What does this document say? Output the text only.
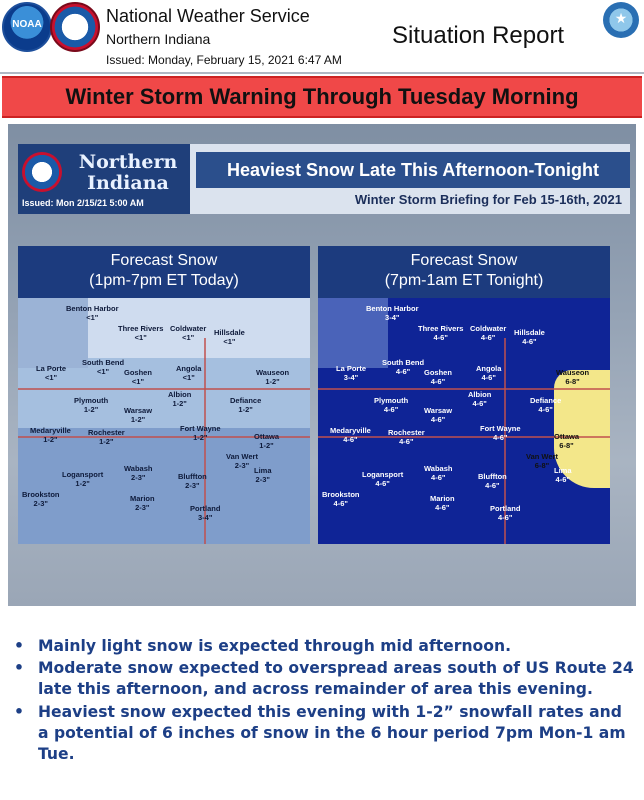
NOAA	National Weather Service
Northern Indiana
Issued: Monday, February 15, 2021 6:47 AM
Situation Report
★
Winter Storm Warning Through Tuesday Morning
Northern Indiana
Issued: Mon 2/15/21 5:00 AM
Heaviest Snow Late This Afternoon-Tonight
Winter Storm Briefing for Feb 15-16th, 2021
Forecast Snow
(1pm-7pm ET Today)
Benton Harbor
<1"
Three Rivers
<1"
Coldwater
<1"
Hillsdale
<1"
South Bend
<1"
La Porte
<1"
Goshen
<1"
Angola
<1"
Wauseon
1-2"
Albion
1-2"	Defiance
1-2"
Plymouth
1-2"	Warsaw
1-2"
Medaryville
1-2"
Rochester
1-2"
Fort Wayne
1-2"	Ottawa
1-2"
Van Wert
2-3"
Wabash
2-3"
Logansport
1-2"
Bluffton
2-3"
Lima
2-3"
Brookston
2-3"
Marion
2-3"	Portland
3-4"
Forecast Snow
(7pm-1am ET Tonight)
Benton Harbor
3-4"
Three Rivers
4-6"
Coldwater
4-6"
Hillsdale
4-6"
South Bend
4-6"
La Porte
3-4"
Goshen
4-6"
Angola
4-6"
Wauseon
6-8"
Albion
4-6"	Defiance
4-6"
Plymouth
4-6"	Warsaw
4-6"
Medaryville
4-6"
Rochester
4-6"
Fort Wayne
4-6"	Ottawa
6-8"
Van Wert
6-8"
Wabash
4-6"
Logansport
4-6"
Bluffton
4-6"
Lima
4-6"
Brookston
4-6"
Marion
4-6"	Portland
4-6"
• Mainly light snow is expected through mid afternoon.
• Moderate snow expected to overspread areas south of US Route 24 late this afternoon, and across remainder of area this evening.
• Heaviest snow expected this evening with 1-2” snowfall rates and a potential of 6 inches of snow in the 6 hour period 7pm Mon-1 am Tue.
